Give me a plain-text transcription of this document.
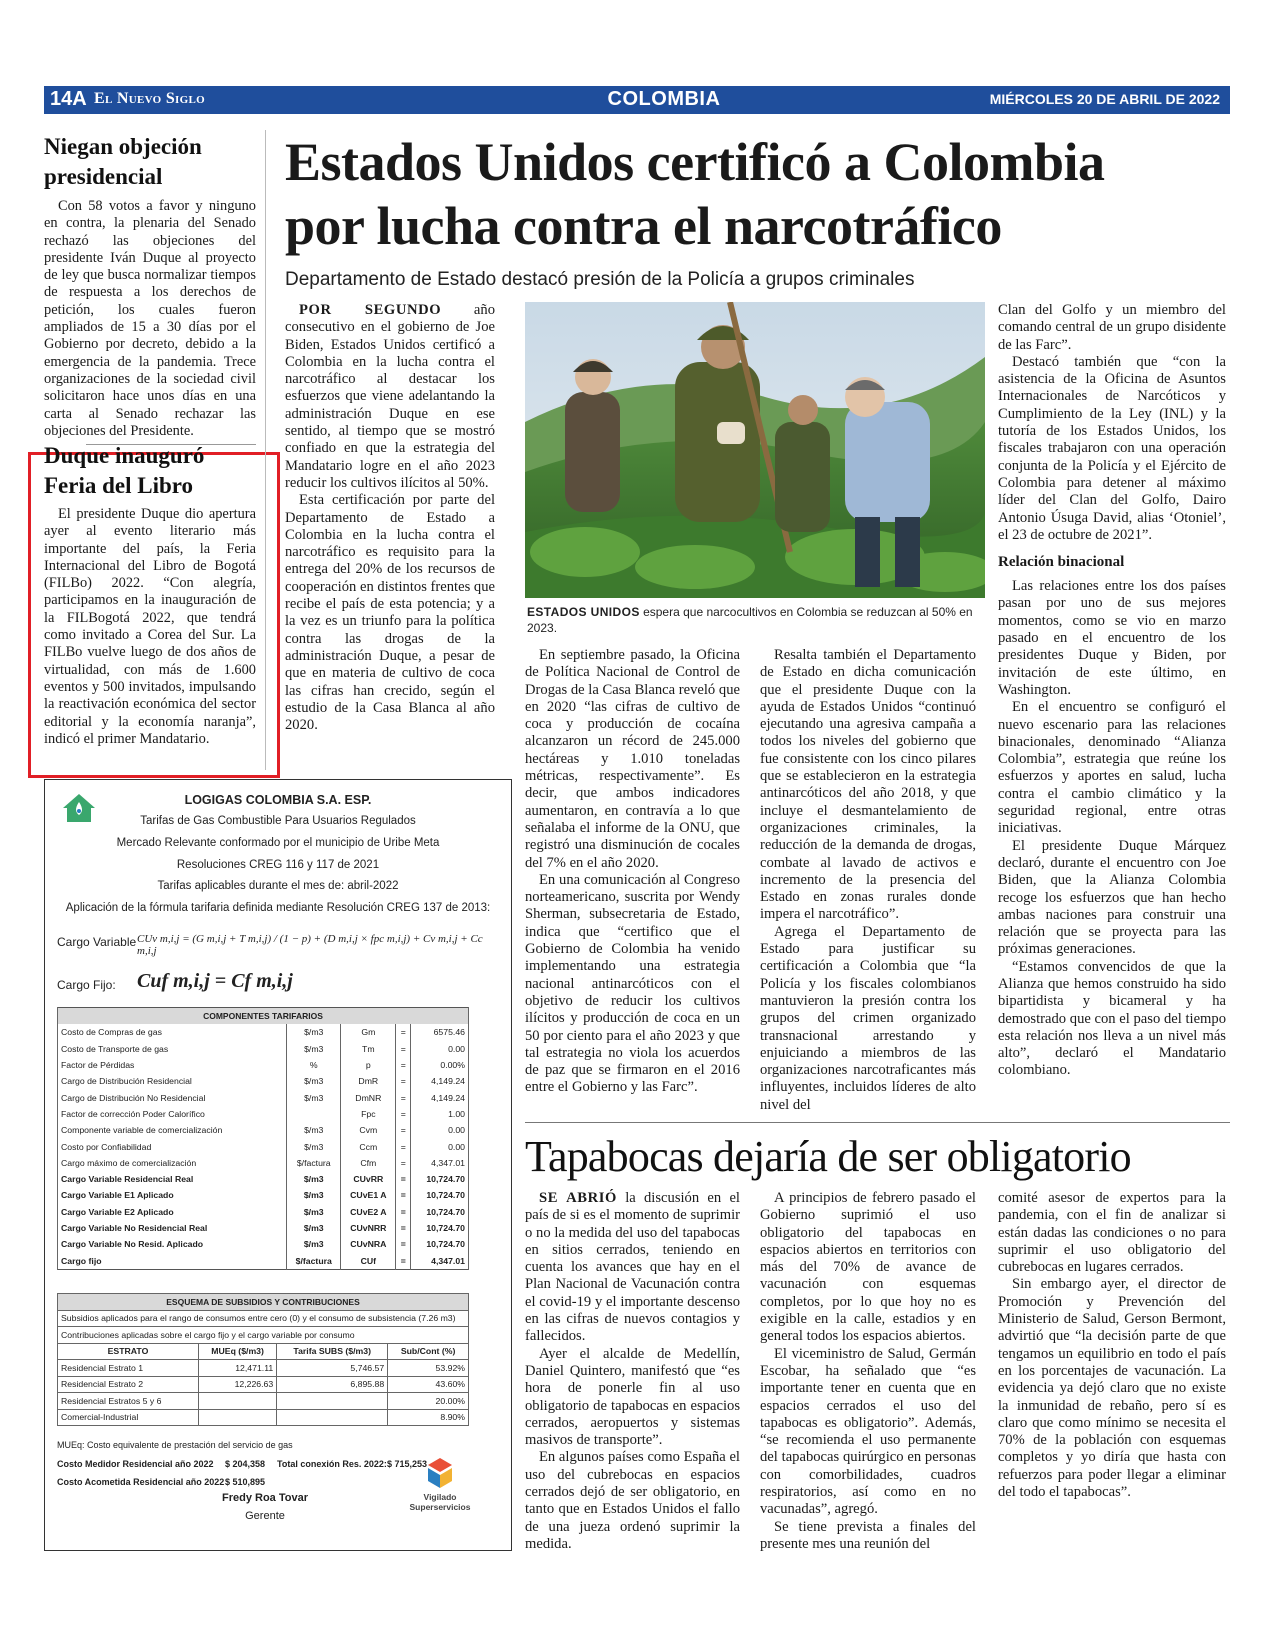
14A El Nuevo Siglo	COLOMBIA	MIÉRCOLES 20 DE ABRIL DE 2022
Niegan objeción
presidencial

Con 58 votos a favor y ninguno en contra, la plenaria del Senado rechazó las objeciones del presidente Iván Duque al proyecto de ley que busca normalizar tiempos de respuesta a los derechos de petición, los cuales fueron ampliados de 15 a 30 días por el Gobierno por decreto, debido a la emergencia de la pandemia. Trece organizaciones de la sociedad civil solicitaron hace unos días en una carta al Senado rechazar las objeciones del Presidente.

Duque inauguró
Feria del Libro

El presidente Duque dio apertura ayer al evento literario más importante del país, la Feria Internacional del Libro de Bogotá (FILBo) 2022. “Con alegría, participamos en la inauguración de la FILBogotá 2022, que tendrá como invitado a Corea del Sur. La FILBo vuelve luego de dos años de virtualidad, con más de 1.600 eventos y 500 invitados, impulsando la reactivación económica del sector editorial y la economía naranja”, indicó el primer Mandatario.

Estados Unidos certificó a Colombia
por lucha contra el narcotráfico
Departamento de Estado destacó presión de la Policía a grupos criminales

POR SEGUNDO año consecutivo en el gobierno de Joe Biden, Estados Unidos certificó a Colombia en la lucha contra el narcotráfico al destacar los esfuerzos que viene adelantando la administración Duque en ese sentido, al tiempo que se mostró confiado en que la estrategia del Mandatario logre en el año 2023 reducir los cultivos ilícitos al 50%.

Esta certificación por parte del Departamento de Estado a Colombia en la lucha contra el narcotráfico es requisito para la entrega del 20% de los recursos de cooperación en distintos frentes que recibe el país de esta potencia; y a la vez es un triunfo para la política contra las drogas de la administración Duque, a pesar de que en materia de cultivo de coca las cifras han crecido, según el estudio de la Casa Blanca al año 2020.

ESTADOS UNIDOS espera que narcocultivos en Colombia se reduzcan al 50% en 2023.

En septiembre pasado, la Oficina de Política Nacional de Control de Drogas de la Casa Blanca reveló que en 2020 “las cifras de cultivo de coca y producción de cocaína alcanzaron un récord de 245.000 hectáreas y 1.010 toneladas métricas, respectivamente”. Es decir, que ambos indicadores aumentaron, en contravía a lo que señalaba el informe de la ONU, que registró una disminución de cocales del 7% en el año 2020.

En una comunicación al Congreso norteamericano, suscrita por Wendy Sherman, subsecretaria de Estado, indica que “certifico que el Gobierno de Colombia ha venido implementando una estrategia nacional antinarcóticos con el objetivo de reducir los cultivos ilícitos y producción de coca en un 50 por ciento para el año 2023 y que tal estrategia no viola los acuerdos de paz que se firmaron en el 2016 entre el Gobierno y las Farc”.

Resalta también el Departamento de Estado en dicha comunicación que el presidente Duque con la ayuda de Estados Unidos “continuó ejecutando una agresiva campaña a todos los niveles del gobierno que fue consistente con los cinco pilares que se establecieron en la estrategia antinarcóticos del año 2018, y que incluye el desmantelamiento de organizaciones criminales, la reducción de la demanda de drogas, combate al lavado de activos e incremento de la presencia del Estado en zonas rurales donde impera el narcotráfico”.

Agrega el Departamento de Estado para justificar su certificación a Colombia que “la Policía y los fiscales colombianos mantuvieron la presión contra los grupos del crimen organizado transnacional arrestando y enjuiciando a miembros de las organizaciones narcotraficantes más influyentes, incluidos líderes de alto nivel del

Clan del Golfo y un miembro del comando central de un grupo disidente de las Farc”.

Destacó también que “con la asistencia de la Oficina de Asuntos Internacionales de Narcóticos y Cumplimiento de la Ley (INL) y la tutoría de los Estados Unidos, los fiscales trabajaron con una operación conjunta de la Policía y el Ejército de Colombia para detener al máximo líder del Clan del Golfo, Dairo Antonio Úsuga David, alias ‘Otoniel’, el 23 de octubre de 2021”.

Relación binacional

Las relaciones entre los dos países pasan por uno de sus mejores momentos, como se vio en marzo pasado en el encuentro de los presidentes Duque y Biden, por invitación de este último, en Washington.

En el encuentro se configuró el nuevo escenario para las relaciones binacionales, denominado “Alianza Colombia”, estrategia que reúne los esfuerzos y aportes en salud, lucha contra el cambio climático y la seguridad regional, entre otras iniciativas.

El presidente Duque Márquez declaró, durante el encuentro con Joe Biden, que la Alianza Colombia recoge los esfuerzos que han hecho ambas naciones para construir una relación que se proyecta para las próximas generaciones.

“Estamos convencidos de que la Alianza que hemos construido ha sido bipartidista y bicameral y ha demostrado que con el paso del tiempo esta relación nos lleva a un nivel más alto”, declaró el Mandatario colombiano.

Tapabocas dejaría de ser obligatorio

SE ABRIÓ la discusión en el país de si es el momento de suprimir o no la medida del uso del tapabocas en sitios cerrados, teniendo en cuenta los avances que hay en el Plan Nacional de Vacunación contra el covid-19 y el importante descenso en las cifras de nuevos contagios y fallecidos.

Ayer el alcalde de Medellín, Daniel Quintero, manifestó que “es hora de ponerle fin al uso obligatorio de tapabocas en espacios cerrados, aeropuertos y sistemas masivos de transporte”.

En algunos países como España el uso del cubrebocas en espacios cerrados dejó de ser obligatorio, en tanto que en Estados Unidos el fallo de una jueza ordenó suprimir la medida.

A principios de febrero pasado el Gobierno suprimió el uso obligatorio del tapabocas en espacios abiertos en territorios con más del 70% de avance de vacunación con esquemas completos, por lo que hoy no es exigible en la calle, estadios y en general todos los espacios abiertos.

El viceministro de Salud, Germán Escobar, ha señalado que “es importante tener en cuenta que en espacios cerrados el uso del tapabocas es obligatorio”. Además, “se recomienda el uso permanente del tapabocas quirúrgico en personas con comorbilidades, cuadros respiratorios, así como en no vacunadas”, agregó.

Se tiene prevista a finales del presente mes una reunión del

comité asesor de expertos para la pandemia, con el fin de analizar si están dadas las condiciones o no para suprimir el uso obligatorio del cubrebocas en lugares cerrados.

Sin embargo ayer, el director de Promoción y Prevención del Ministerio de Salud, Gerson Bermont, advirtió que “la decisión parte de que tengamos un equilibrio en todo el país en los porcentajes de vacunación. La evidencia ya dejó claro que no existe la inmunidad de rebaño, pero sí es claro que como mínimo se necesita el 70% de la población con esquemas completos y yo diría que hasta con refuerzos para poder llegar a eliminar del todo el tapabocas”.

LOGIGAS COLOMBIA S.A. ESP.
Tarifas de Gas Combustible Para Usuarios Regulados
Mercado Relevante conformado por el municipio de Uribe Meta
Resoluciones CREG 116 y 117 de 2021
Tarifas aplicables durante el mes de: abril-2022
Aplicación de la fórmula tarifaria definida mediante Resolución CREG 137 de 2013:
Cargo Variable CUv m,i,j = (G m,i,j + T m,i,j) / (1 − p) + (D m,i,j × fpc m,i,j) + Cv m,i,j + Cc m,i,j
Cargo Fijo: Cuf m,i,j = Cf m,i,j
COMPONENTES TARIFARIOS				
Costo de Compras de gas	$/m3	Gm	=	6575.46
Costo de Transporte de gas	$/m3	Tm	=	0.00
Factor de Pérdidas	%	p	=	0.00%
Cargo de Distribución Residencial	$/m3	DmR	=	4,149.24
Cargo de Distribución No Residencial	$/m3	DmNR	=	4,149.24
Factor de corrección Poder Calorífico		Fpc	=	1.00
Componente variable de comercialización	$/m3	Cvm	=	0.00
Costo por Confiabilidad	$/m3	Ccm	=	0.00
Cargo máximo de comercialización	$/factura	Cfm	=	4,347.01
Cargo Variable Residencial Real	$/m3	CUvRR	=	10,724.70
Cargo Variable E1 Aplicado	$/m3	CUvE1 A	=	10,724.70
Cargo Variable E2 Aplicado	$/m3	CUvE2 A	=	10,724.70
Cargo Variable No Residencial Real	$/m3	CUvNRR	=	10,724.70
Cargo Variable No Resid. Aplicado	$/m3	CUvNRA	=	10,724.70
Cargo fijo	$/factura	CUf	=	4,347.01
ESQUEMA DE SUBSIDIOS Y CONTRIBUCIONES			
Subsidios aplicados para el rango de consumos entre cero (0) y el consumo de subsistencia (7.26 m3)			
Contribuciones aplicadas sobre el cargo fijo y el cargo variable por consumo			
ESTRATO	MUEq ($/m3)	Tarifa SUBS ($/m3)	Sub/Cont (%)
Residencial Estrato 1	12,471.11	5,746.57	53.92%
Residencial Estrato 2	12,226.63	6,895.88	43.60%
Residencial Estratos 5 y 6			20.00%
Comercial-Industrial			8.90%
MUEq: Costo equivalente de prestación del servicio de gas
Costo Medidor Residencial año 2022 $ 204,358 Total conexión Res. 2022: $ 715,253
Costo Acometida Residencial año 2022 $ 510,895
Fredy Roa Tovar
Gerente
Vigilado
Superservicios
